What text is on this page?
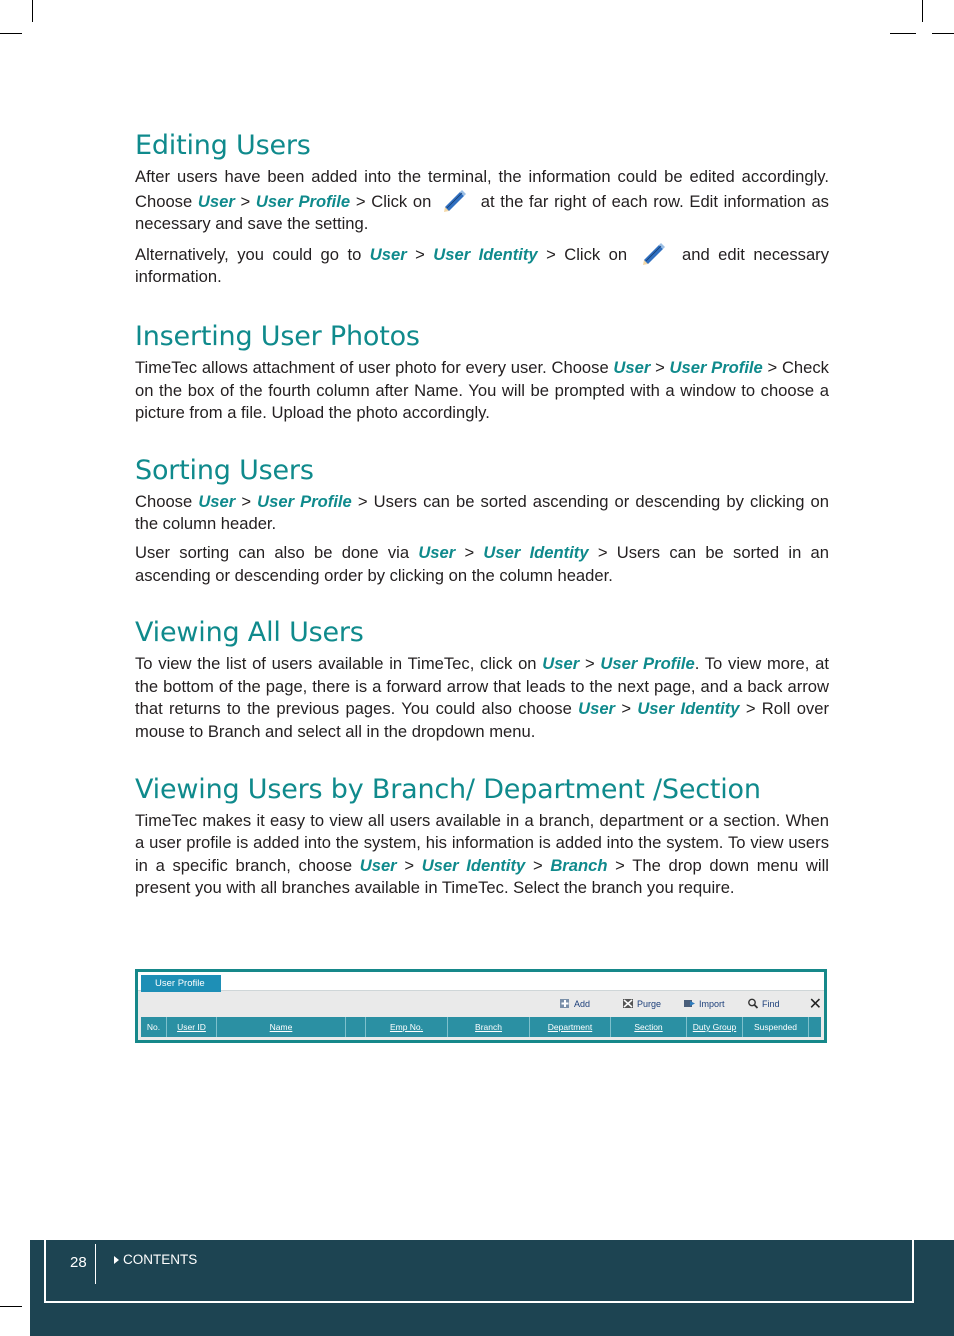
Editing Users

After users have been added into the terminal, the information could be edited accordingly. Choose User > User Profile > Click on  at the far right of each row. Edit information as necessary and save the setting.

Alternatively, you could go to User > User Identity > Click on  and edit necessary information.

Inserting User Photos

TimeTec allows attachment of user photo for every user. Choose User > User Profile > Check on the box of the fourth column after Name. You will be prompted with a window to choose a picture from a file. Upload the photo accordingly.

Sorting Users

Choose User > User Profile > Users can be sorted ascending or descending by clicking on the column header.

User sorting can also be done via User > User Identity > Users can be sorted in an ascending or descending order by clicking on the column header.

Viewing All Users

To view the list of users available in TimeTec, click on User > User Profile. To view more, at the bottom of the page, there is a forward arrow that leads to the next page, and a back arrow that returns to the previous pages. You could also choose User > User Identity > Roll over mouse to Branch and select all in the dropdown menu.

Viewing Users by Branch/ Department /Section

TimeTec makes it easy to view all users available in a branch, department or a section. When a user profile is added into the system, his information is added into the system. To view users in a specific branch, choose User > User Identity > Branch > The drop down menu will present you with all branches available in TimeTec. Select the branch you require.

User Profile
Add	Purge	Import	Find ✕
No.	User ID	Name	Emp No.	Branch	Department	Section	Duty Group	Suspended
28	CONTENTS
